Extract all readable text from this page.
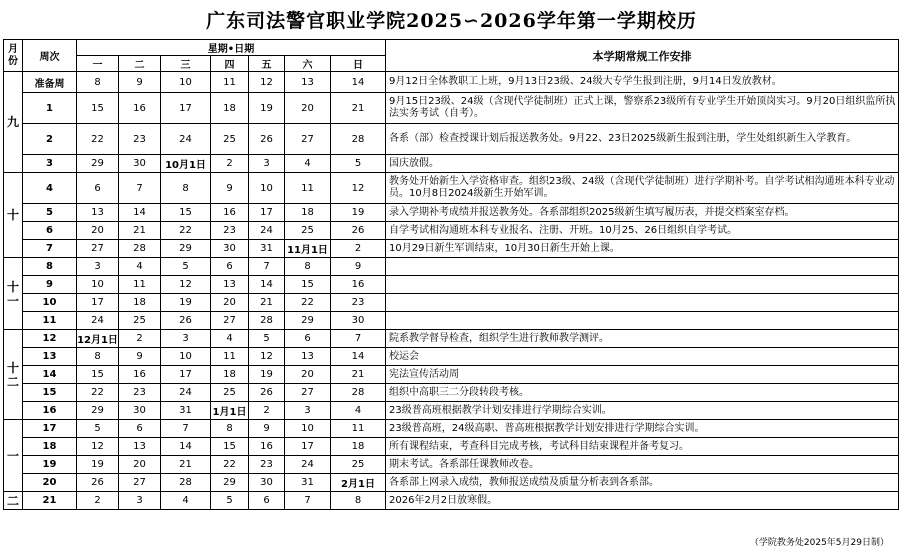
广东司法警官职业学院2025∽2026学年第一学期校历
月份	周次	星期•日期							本学期常规工作安排
		一	二	三	四	五	六	日	
九	准备周	8	9	10	11	12	13	14	9月12日全体教职工上班，9月13日23级、24级大专学生报到注册，9月14日发放教材。
	1	15	16	17	18	19	20	21	9月15日23级、24级（含现代学徒制班）正式上课，警察系23级所有专业学生开始顶岗实习。9月20日组织监所执法实务考试（自考）。
	2	22	23	24	25	26	27	28	各系（部）检查授课计划后报送教务处。9月22、23日2025级新生报到注册，学生处组织新生入学教育。
	3	29	30	10月1日	2	3	4	5	国庆放假。
十	4	6	7	8	9	10	11	12	教务处开始新生入学资格审查。组织23级、24级（含现代学徒制班）进行学期补考。自学考试相沟通班本科专业动员。10月8日2024级新生开始军训。
	5	13	14	15	16	17	18	19	录入学期补考成绩并报送教务处。各系部组织2025级新生填写履历表，并提交档案室存档。
	6	20	21	22	23	24	25	26	自学考试相沟通班本科专业报名、注册、开班。10月25、26日组织自学考试。
	7	27	28	29	30	31	11月1日	2	10月29日新生军训结束，10月30日新生开始上课。
十一	8	3	4	5	6	7	8	9	
	9	10	11	12	13	14	15	16	
	10	17	18	19	20	21	22	23	
	11	24	25	26	27	28	29	30	
十二	12	12月1日	2	3	4	5	6	7	院系教学督导检查，组织学生进行教师教学测评。
	13	8	9	10	11	12	13	14	校运会
	14	15	16	17	18	19	20	21	宪法宣传活动周
	15	22	23	24	25	26	27	28	组织中高职三二分段转段考核。
	16	29	30	31	1月1日	2	3	4	23级普高班根据教学计划安排进行学期综合实训。
一	17	5	6	7	8	9	10	11	23级普高班，24级高职、普高班根据教学计划安排进行学期综合实训。
	18	12	13	14	15	16	17	18	所有课程结束，考查科目完成考核，考试科目结束课程并备考复习。
	19	19	20	21	22	23	24	25	期末考试。各系部任课教师改卷。
	20	26	27	28	29	30	31	2月1日	各系部上网录入成绩，教师报送成绩及质量分析表到各系部。
二	21	2	3	4	5	6	7	8	2026年2月2日放寒假。
（学院教务处2025年5月29日制）
